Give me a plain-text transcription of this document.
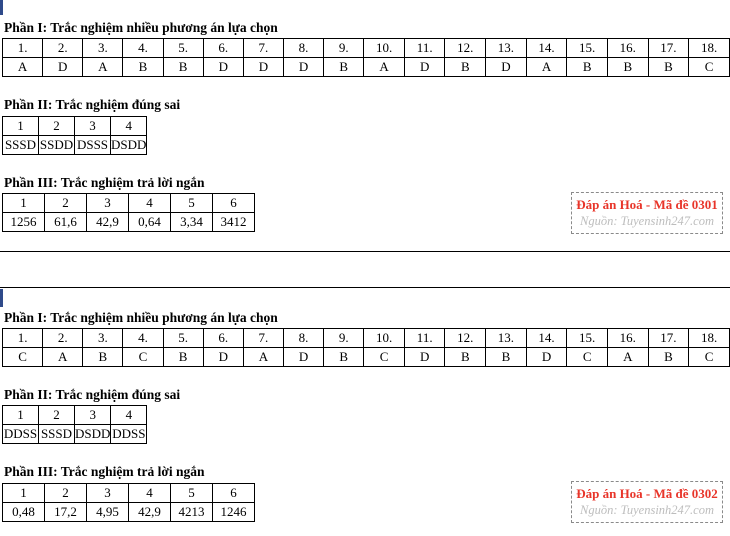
Phần I: Trắc nghiệm nhiều phương án lựa chọn
1.	2.	3.	4.	5.	6.	7.	8.	9.	10.	11.	12.	13.	14.	15.	16.	17.	18.
A	D	A	B	B	D	D	D	B	A	D	B	D	A	B	B	B	C
Phần II: Trắc nghiệm đúng sai
1	2	3	4
SSSD	SSDD	DSSS	DSDD
Phần III: Trắc nghiệm trả lời ngắn
1	2	3	4	5	6
1256	61,6	42,9	0,64	3,34	3412
Đáp án Hoá - Mã đề 0301
Nguồn: Tuyensinh247.com
Phần I: Trắc nghiệm nhiều phương án lựa chọn
1.	2.	3.	4.	5.	6.	7.	8.	9.	10.	11.	12.	13.	14.	15.	16.	17.	18.
C	A	B	C	B	D	A	D	B	C	D	B	B	D	C	A	B	C
Phần II: Trắc nghiệm đúng sai
1	2	3	4
DDSS	SSSD	DSDD	DDSS
Phần III: Trắc nghiệm trả lời ngắn
1	2	3	4	5	6
0,48	17,2	4,95	42,9	4213	1246
Đáp án Hoá - Mã đề 0302
Nguồn: Tuyensinh247.com
